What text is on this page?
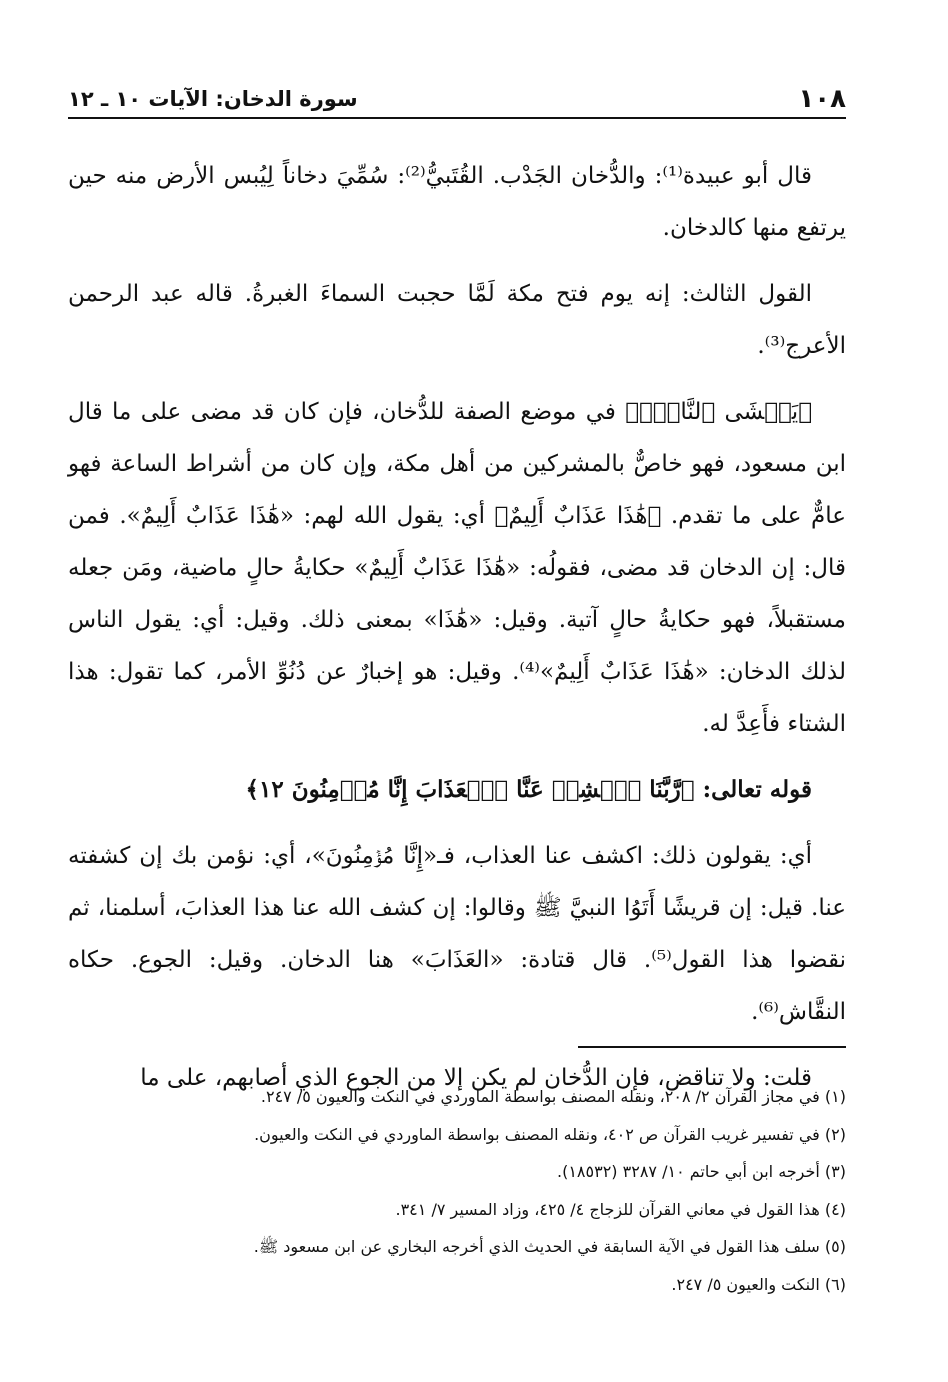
١٠٨
سورة الدخان: الآيات ١٠ ـ ١٢

قال أبو عبيدة⁽¹⁾: والدُّخان الجَدْب. القُتَبيُّ⁽²⁾: سُمِّيَ دخاناً لِيُبس الأرض منه حين يرتفع منها كالدخان.

القول الثالث: إنه يوم فتح مكة لَمَّا حجبت السماءَ الغبرةُ. قاله عبد الرحمن الأعرج⁽³⁾.

﴿يَغۡشَى ٱلنَّاسَۖ﴾ في موضع الصفة للدُّخان، فإن كان قد مضى على ما قال ابن مسعود، فهو خاصٌّ بالمشركين من أهل مكة، وإن كان من أشراط الساعة فهو عامٌّ على ما تقدم. ﴿هَٰذَا عَذَابٌ أَلِيمٌ﴾ أي: يقول الله لهم: «هَٰذَا عَذَابٌ أَلِيمٌ». فمن قال: إن الدخان قد مضى، فقولُه: «هَٰذَا عَذَابٌ أَلِيمٌ» حكايةُ حالٍ ماضية، ومَن جعله مستقبلاً، فهو حكايةُ حالٍ آتية. وقيل: «هَٰذَا» بمعنى ذلك. وقيل: أي: يقول الناس لذلك الدخان: «هَٰذَا عَذَابٌ أَلِيمٌ»⁽⁴⁾. وقيل: هو إخبارٌ عن دُنُوِّ الأمر، كما تقول: هذا الشتاء فأَعِدَّ له.

قوله تعالى: ﴿رَّبَّنَا ٱكۡشِفۡ عَنَّا ٱلۡعَذَابَ إِنَّا مُؤۡمِنُونَ ١٢﴾

أي: يقولون ذلك: اكشف عنا العذاب، فـ«إِنَّا مُؤۡمِنُونَ»، أي: نؤمن بك إن كشفته عنا. قيل: إن قريشًا أَتَوُا النبيَّ ﷺ وقالوا: إن كشف الله عنا هذا العذابَ، أسلمنا، ثم نقضوا هذا القول⁽⁵⁾. قال قتادة: «العَذَابَ» هنا الدخان. وقيل: الجوع. حكاه النقَّاش⁽⁶⁾.

قلت: ولا تناقض، فإن الدُّخان لم يكن إلا من الجوع الذي أصابهم، على ما

(١) في مجاز القرآن ٢/ ٢٠٨، ونقله المصنف بواسطة الماوردي في النكت والعيون ٥/ ٢٤٧.
(٢) في تفسير غريب القرآن ص ٤٠٢، ونقله المصنف بواسطة الماوردي في النكت والعيون.
(٣) أخرجه ابن أبي حاتم ١٠/ ٣٢٨٧ (١٨٥٣٢).
(٤) هذا القول في معاني القرآن للزجاج ٤/ ٤٢٥، وزاد المسير ٧/ ٣٤١.
(٥) سلف هذا القول في الآية السابقة في الحديث الذي أخرجه البخاري عن ابن مسعود ﷺ.
(٦) النكت والعيون ٥/ ٢٤٧.
